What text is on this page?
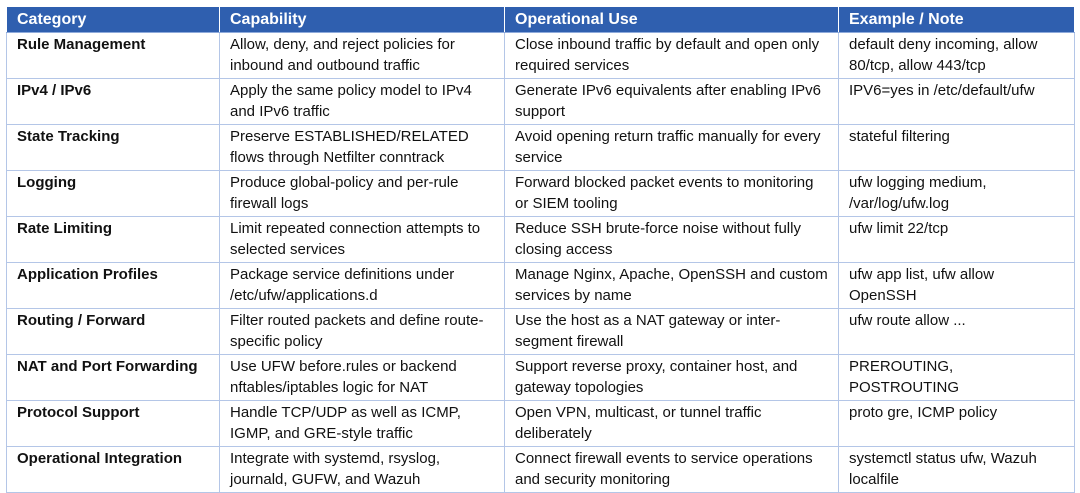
Category	Capability	Operational Use	Example / Note
Rule Management	Allow, deny, and reject policies for inbound and outbound traffic	Close inbound traffic by default and open only required services	default deny incoming, allow 80/tcp, allow 443/tcp
IPv4 / IPv6	Apply the same policy model to IPv4 and IPv6 traffic	Generate IPv6 equivalents after enabling IPv6 support	IPV6=yes in /etc/default/ufw
State Tracking	Preserve ESTABLISHED/RELATED flows through Netfilter conntrack	Avoid opening return traffic manually for every service	stateful filtering
Logging	Produce global-policy and per-rule firewall logs	Forward blocked packet events to monitoring or SIEM tooling	ufw logging medium, /var/log/ufw.log
Rate Limiting	Limit repeated connection attempts to selected services	Reduce SSH brute-force noise without fully closing access	ufw limit 22/tcp
Application Profiles	Package service definitions under /etc/ufw/applications.d	Manage Nginx, Apache, OpenSSH and custom services by name	ufw app list, ufw allow OpenSSH
Routing / Forward	Filter routed packets and define route-specific policy	Use the host as a NAT gateway or inter-segment firewall	ufw route allow ...
NAT and Port Forwarding	Use UFW before.rules or backend nftables/iptables logic for NAT	Support reverse proxy, container host, and gateway topologies	PREROUTING, POSTROUTING
Protocol Support	Handle TCP/UDP as well as ICMP, IGMP, and GRE-style traffic	Open VPN, multicast, or tunnel traffic deliberately	proto gre, ICMP policy
Operational Integration	Integrate with systemd, rsyslog, journald, GUFW, and Wazuh	Connect firewall events to service operations and security monitoring	systemctl status ufw, Wazuh localfile
